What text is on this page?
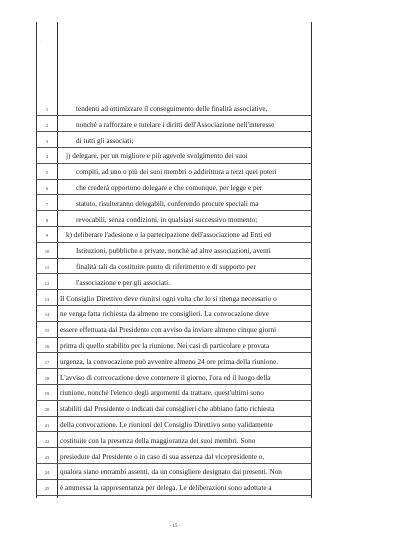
·
1	tendenti ad ottimizzare il conseguimento delle finalità associative,
2	nonché a rafforzare e tutelare i diritti dell'Associazione nell'interesse
3	di tutti gli associati;
4	j) delegare, per un migliore e più agevole svolgimento dei suoi
5	compiti, ad uno o più dei suoi membri o addirittura a terzi quei poteri
6	che crederà opportuno delegare e che comunque, per legge e per
7	statuto, risulteranno delegabili, conferendo procure speciali ma
8	revocabili, senza condizioni, in qualsiasi successivo momento;
9	k) deliberare l'adesione e la partecipazione dell'associazione ad Enti ed
10	Istituzioni, pubbliche e private, nonché ad altre associazioni, aventi
11	finalità tali da costituire punto di riferimento e di supporto per
12	l'associazione e per gli associati.
13	Il Consiglio Direttivo deve riunirsi ogni volta che lo si ritenga necessario o
14	ne venga fatta richiesta da almeno tre consiglieri. La convocazione deve
15	essere effettuata dal Presidente con avviso da inviare almeno cinque giorni
16	prima di quello stabilito per la riunione. Nei casi di particolare e provata
17	urgenza, la convocazione può avvenire almeno 24 ore prima della riunione.
18	L'avviso di convocazione deve contenere il giorno, l'ora ed il luogo della
19	riunione, nonché l'elenco degli argomenti da trattare, quest'ultimi sono
20	stabiliti dal Presidente o indicati dai consiglieri che abbiano fatto richiesta
21	della convocazione. Le riunioni del Consiglio Direttivo sono validamente
22	costituite con la presenza della maggioranza dei suoi membri. Sono
23	presiedute dal Presidente o in caso di sua assenza dal vicepresidente o,
24	qualora siano entrambi assenti, da un consigliere designato dai presenti. Non
25	è ammessa la rappresentanza per delega. Le deliberazioni sono adottate a
- 15 -
